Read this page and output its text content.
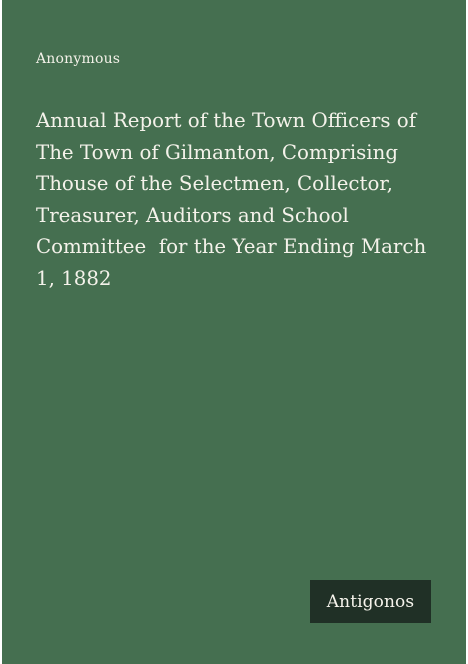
Anonymous
Annual Report of the Town Officers of The Town of Gilmanton, Comprising Thouse of the Selectmen, Collector, Treasurer, Auditors and School Committee  for the Year Ending March 1, 1882
Antigonos
